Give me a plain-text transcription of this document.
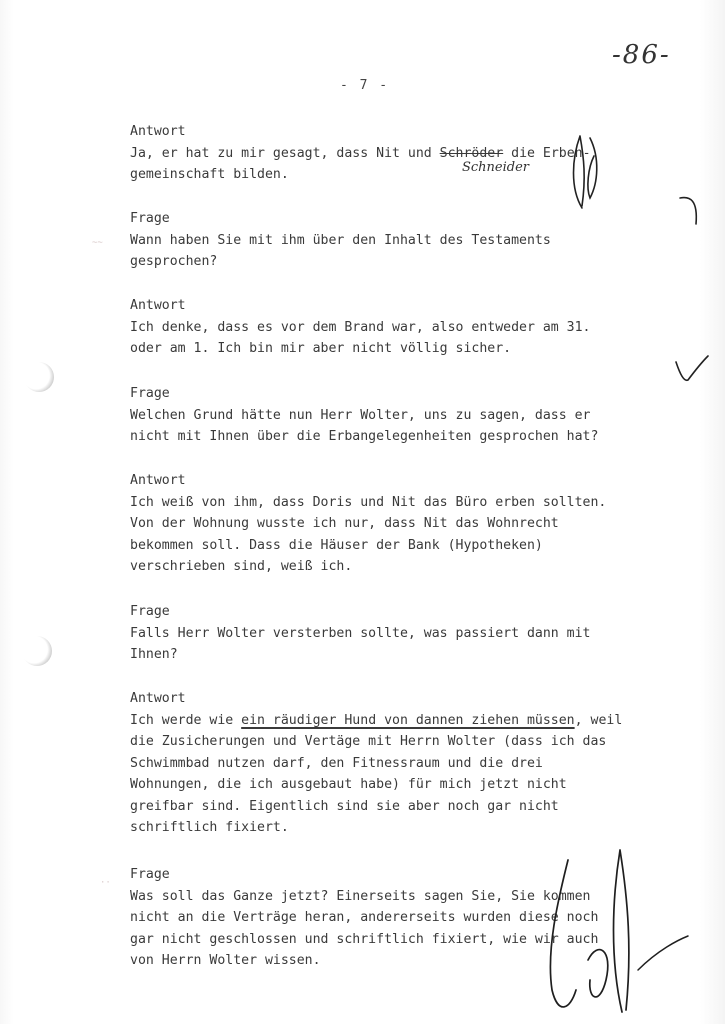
-86-
- 7 -
Antwort
Ja, er hat zu mir gesagt, dass Nit und Schröder die Erben-
gemeinschaft bilden.
Frage
Wann haben Sie mit ihm über den Inhalt des Testaments
gesprochen?
Antwort
Ich denke, dass es vor dem Brand war, also entweder am 31.
oder am 1. Ich bin mir aber nicht völlig sicher.
Frage
Welchen Grund hätte nun Herr Wolter, uns zu sagen, dass er
nicht mit Ihnen über die Erbangelegenheiten gesprochen hat?
Antwort
Ich weiß von ihm, dass Doris und Nit das Büro erben sollten.
Von der Wohnung wusste ich nur, dass Nit das Wohnrecht
bekommen soll. Dass die Häuser der Bank (Hypotheken)
verschrieben sind, weiß ich.
Frage
Falls Herr Wolter versterben sollte, was passiert dann mit
Ihnen?
Antwort
Ich werde wie ein räudiger Hund von dannen ziehen müssen, weil
die Zusicherungen und Vertäge mit Herrn Wolter (dass ich das
Schwimmbad nutzen darf, den Fitnessraum und die drei
Wohnungen, die ich ausgebaut habe) für mich jetzt nicht
greifbar sind. Eigentlich sind sie aber noch gar nicht
schriftlich fixiert.
Frage
Was soll das Ganze jetzt? Einerseits sagen Sie, Sie kommen
nicht an die Verträge heran, andererseits wurden diese noch
gar nicht geschlossen und schriftlich fixiert, wie wir auch
von Herrn Wolter wissen.
Schneider
~~
··
